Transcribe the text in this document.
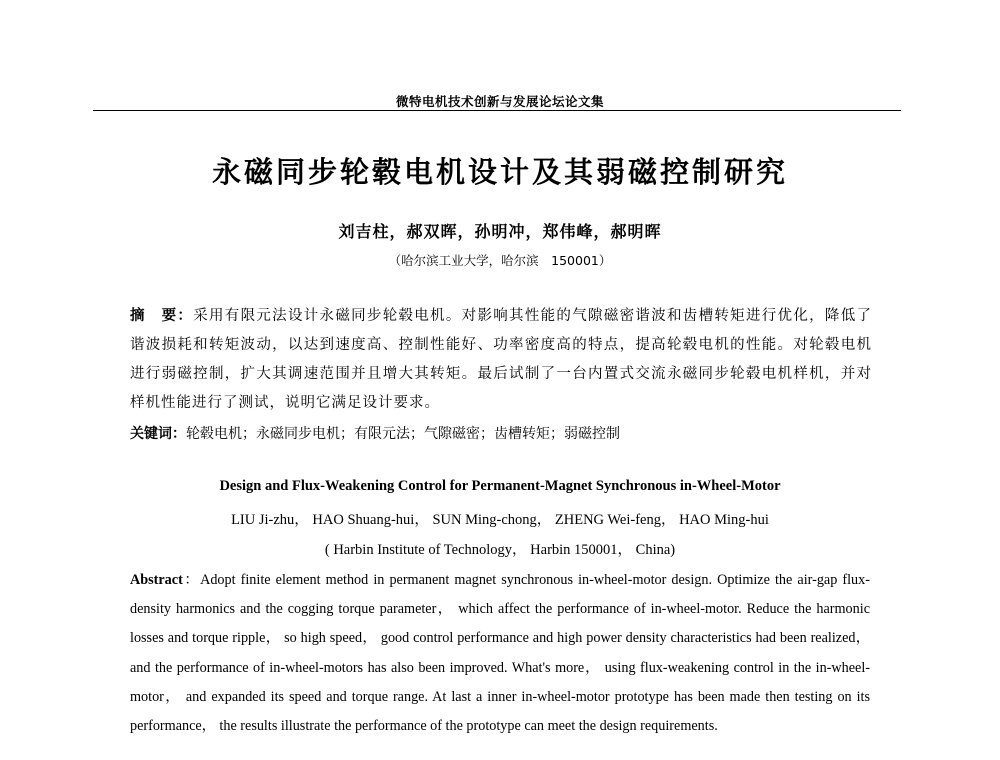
微特电机技术创新与发展论坛论文集
永磁同步轮毂电机设计及其弱磁控制研究
刘吉柱，郝双晖，孙明冲，郑伟峰，郝明晖
（哈尔滨工业大学，哈尔滨　150001）
摘　要：采用有限元法设计永磁同步轮毂电机。对影响其性能的气隙磁密谐波和齿槽转矩进行优化，降低了谐波损耗和转矩波动，以达到速度高、控制性能好、功率密度高的特点，提高轮毂电机的性能。对轮毂电机进行弱磁控制，扩大其调速范围并且增大其转矩。最后试制了一台内置式交流永磁同步轮毂电机样机，并对样机性能进行了测试，说明它满足设计要求。
关键词：轮毂电机；永磁同步电机；有限元法；气隙磁密；齿槽转矩；弱磁控制
Design and Flux-Weakening Control for Permanent-Magnet Synchronous in-Wheel-Motor
LIU Ji-zhu， HAO Shuang-hui， SUN Ming-chong， ZHENG Wei-feng， HAO Ming-hui
( Harbin Institute of Technology， Harbin 150001， China)
Abstract：Adopt finite element method in permanent magnet synchronous in-wheel-motor design. Optimize the air-gap flux-density harmonics and the cogging torque parameter， which affect the performance of in-wheel-motor. Reduce the harmonic losses and torque ripple， so high speed， good control performance and high power density characteristics had been realized， and the performance of in-wheel-motors has also been improved. What's more， using flux-weakening control in the in-wheel-motor， and expanded its speed and torque range. At last a inner in-wheel-motor prototype has been made then testing on its performance， the results illustrate the performance of the prototype can meet the design requirements.
